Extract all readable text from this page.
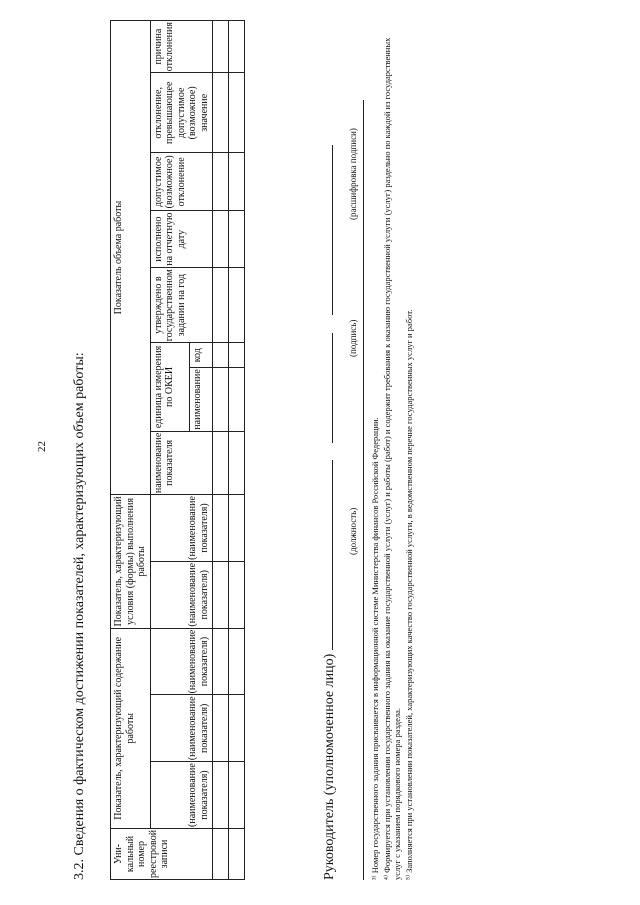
22 3.2. Сведения о фактическом достижении показателей, характеризующих объем работы:	Уни-кальный номер реестровой записи	Показатель, характеризующий содержание работы			Показатель, характеризующий условия (формы) выполнения работы		Показатель объема работы							
	(наименование показателя)	(наименование показателя)	(наименование показателя)	(наименование показателя)	(наименование показателя)	наименование показателя	единица измерения по ОКЕИ		утверждено в государственном задании на год	исполнено на отчетную дату	допустимое (возможное) отклонение	отклонение, превышающее допустимое (возможное) значение	причина отклонения
							наименование	код					

Руководитель (уполномоченное лицо)
(должность)
(подпись)
(расшифровка подписи)

³⁾ Номер государственного задания присваивается в информационной системе Министерства финансов Российской Федерации. ⁴⁾ Формируется при установлении государственного задания на оказание государственной услуги (услуг) и работы (работ) и содержит требования к оказанию государственной услуги (услуг) раздельно по каждой из государственных услуг с указанием порядкового номера раздела. ⁵⁾ Заполняется при установлении показателей, характеризующих качество государственной услуги, в ведомственном перечне государственных услуг и работ.
